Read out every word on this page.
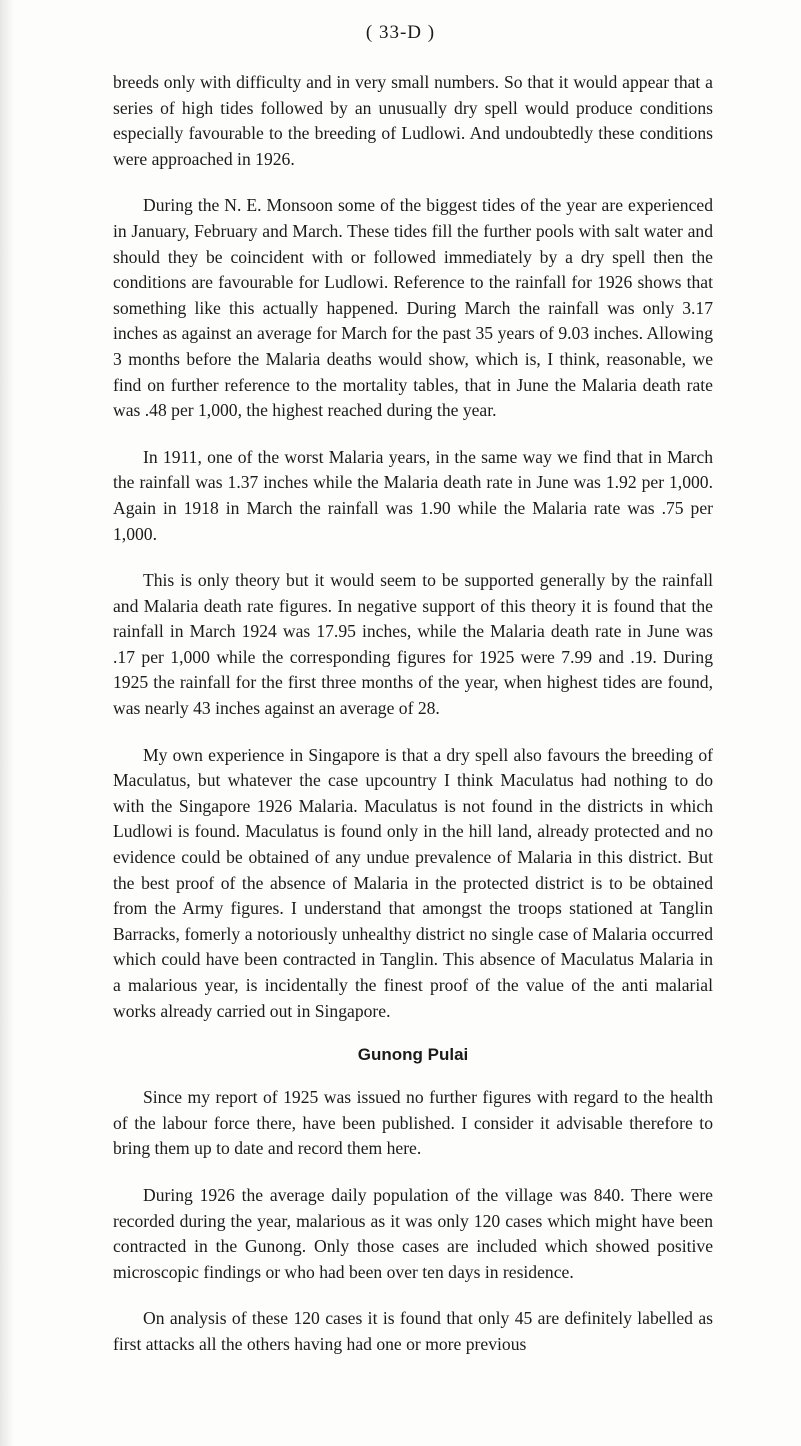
( 33-D )

breeds only with difficulty and in very small numbers. So that it would appear that a series of high tides followed by an unusually dry spell would produce conditions especially favourable to the breeding of Ludlowi. And undoubtedly these conditions were approached in 1926.

During the N. E. Monsoon some of the biggest tides of the year are experienced in January, February and March. These tides fill the further pools with salt water and should they be coincident with or followed immediately by a dry spell then the conditions are favourable for Ludlowi. Reference to the rainfall for 1926 shows that something like this actually happened. During March the rainfall was only 3.17 inches as against an average for March for the past 35 years of 9.03 inches. Allowing 3 months before the Malaria deaths would show, which is, I think, reasonable, we find on further reference to the mortality tables, that in June the Malaria death rate was .48 per 1,000, the highest reached during the year.

In 1911, one of the worst Malaria years, in the same way we find that in March the rainfall was 1.37 inches while the Malaria death rate in June was 1.92 per 1,000. Again in 1918 in March the rainfall was 1.90 while the Malaria rate was .75 per 1,000.

This is only theory but it would seem to be supported generally by the rainfall and Malaria death rate figures. In negative support of this theory it is found that the rainfall in March 1924 was 17.95 inches, while the Malaria death rate in June was .17 per 1,000 while the corresponding figures for 1925 were 7.99 and .19. During 1925 the rainfall for the first three months of the year, when highest tides are found, was nearly 43 inches against an average of 28.

My own experience in Singapore is that a dry spell also favours the breeding of Maculatus, but whatever the case upcountry I think Maculatus had nothing to do with the Singapore 1926 Malaria. Maculatus is not found in the districts in which Ludlowi is found. Maculatus is found only in the hill land, already protected and no evidence could be obtained of any undue prevalence of Malaria in this district. But the best proof of the absence of Malaria in the protected district is to be obtained from the Army figures. I understand that amongst the troops stationed at Tanglin Barracks, fomerly a notoriously unhealthy district no single case of Malaria occurred which could have been contracted in Tanglin. This absence of Maculatus Malaria in a malarious year, is incidentally the finest proof of the value of the anti malarial works already carried out in Singapore.

Gunong Pulai

Since my report of 1925 was issued no further figures with regard to the health of the labour force there, have been published. I consider it advisable therefore to bring them up to date and record them here.

During 1926 the average daily population of the village was 840. There were recorded during the year, malarious as it was only 120 cases which might have been contracted in the Gunong. Only those cases are included which showed positive microscopic findings or who had been over ten days in residence.

On analysis of these 120 cases it is found that only 45 are definitely labelled as first attacks all the others having had one or more previous
